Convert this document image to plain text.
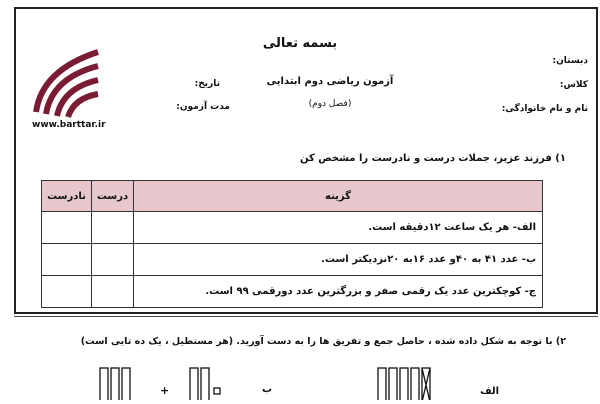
بسمه تعالی
دبستان:
کلاس:
نام و نام خانوادگی:
آزمون ریاضی دوم ابتدایی
(فصل دوم)
تاریخ:
مدت آزمون:
www.barttar.ir
۱) فرزند عزیز، جملات درست و نادرست را مشخص کن
نادرست	درست	گزینه
		الف- هر یک ساعت ۱۲دقیقه است.
		ب- عدد ۴۱ به ۴۰و عدد ۱۶به ۲۰نزدیکتر است.
		ج- کوچکترین عدد یک رقمی صفر و بزرگترین عدد دورقمی ۹۹ است.
۲) با توجه به شکل داده شده ، حاصل جمع و تفریق ها را به دست آورید. (هر مستطیل ، یک ده تایی است)
+	ب	الف
